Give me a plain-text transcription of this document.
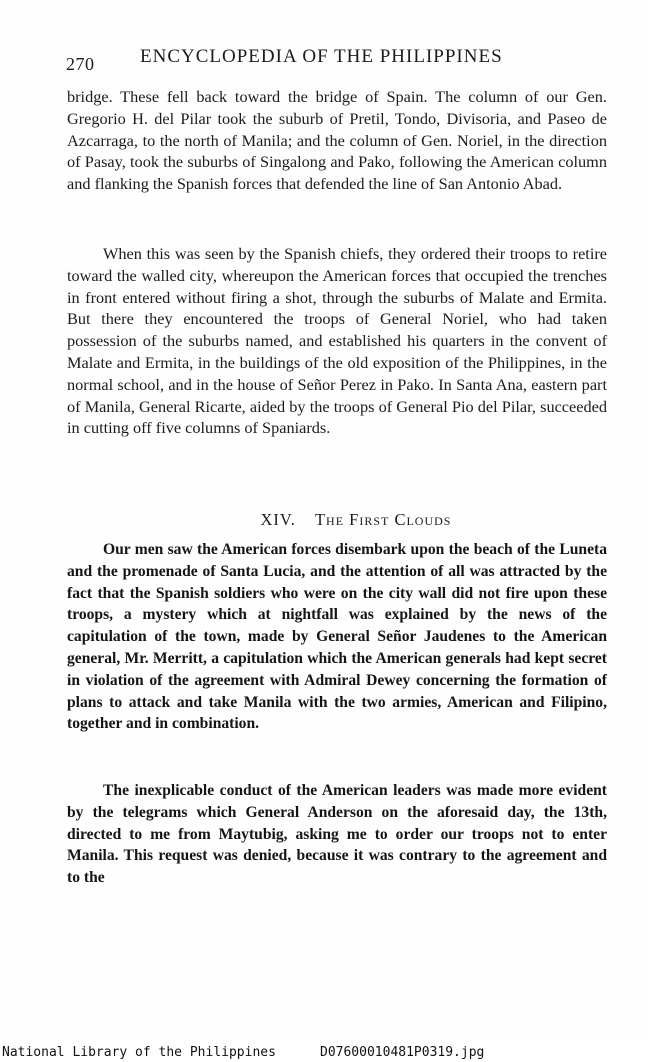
270 ENCYCLOPEDIA OF THE PHILIPPINES
bridge. These fell back toward the bridge of Spain. The column of our Gen. Gregorio H. del Pilar took the suburb of Pretil, Tondo, Divisoria, and Paseo de Azcarraga, to the north of Manila; and the column of Gen. Noriel, in the direction of Pasay, took the suburbs of Singalong and Pako, following the American column and flanking the Spanish forces that defended the line of San Antonio Abad.
When this was seen by the Spanish chiefs, they ordered their troops to retire toward the walled city, whereupon the American forces that occupied the trenches in front entered without firing a shot, through the suburbs of Malate and Ermita. But there they encountered the troops of General Noriel, who had taken possession of the suburbs named, and established his quarters in the convent of Malate and Ermita, in the buildings of the old exposition of the Philippines, in the normal school, and in the house of Señor Perez in Pako. In Santa Ana, eastern part of Manila, General Ricarte, aided by the troops of General Pio del Pilar, succeeded in cutting off five columns of Spaniards.
XIV. The First Clouds
Our men saw the American forces disembark upon the beach of the Luneta and the promenade of Santa Lucia, and the attention of all was attracted by the fact that the Spanish soldiers who were on the city wall did not fire upon these troops, a mystery which at nightfall was explained by the news of the capitulation of the town, made by General Señor Jaudenes to the American general, Mr. Merritt, a capitulation which the American generals had kept secret in violation of the agreement with Admiral Dewey concerning the formation of plans to attack and take Manila with the two armies, American and Filipino, together and in combination.
The inexplicable conduct of the American leaders was made more evident by the telegrams which General Anderson on the aforesaid day, the 13th, directed to me from Maytubig, asking me to order our troops not to enter Manila. This request was denied, because it was contrary to the agreement and to the
National Library of the Philippines	D07600010481P0319.jpg
